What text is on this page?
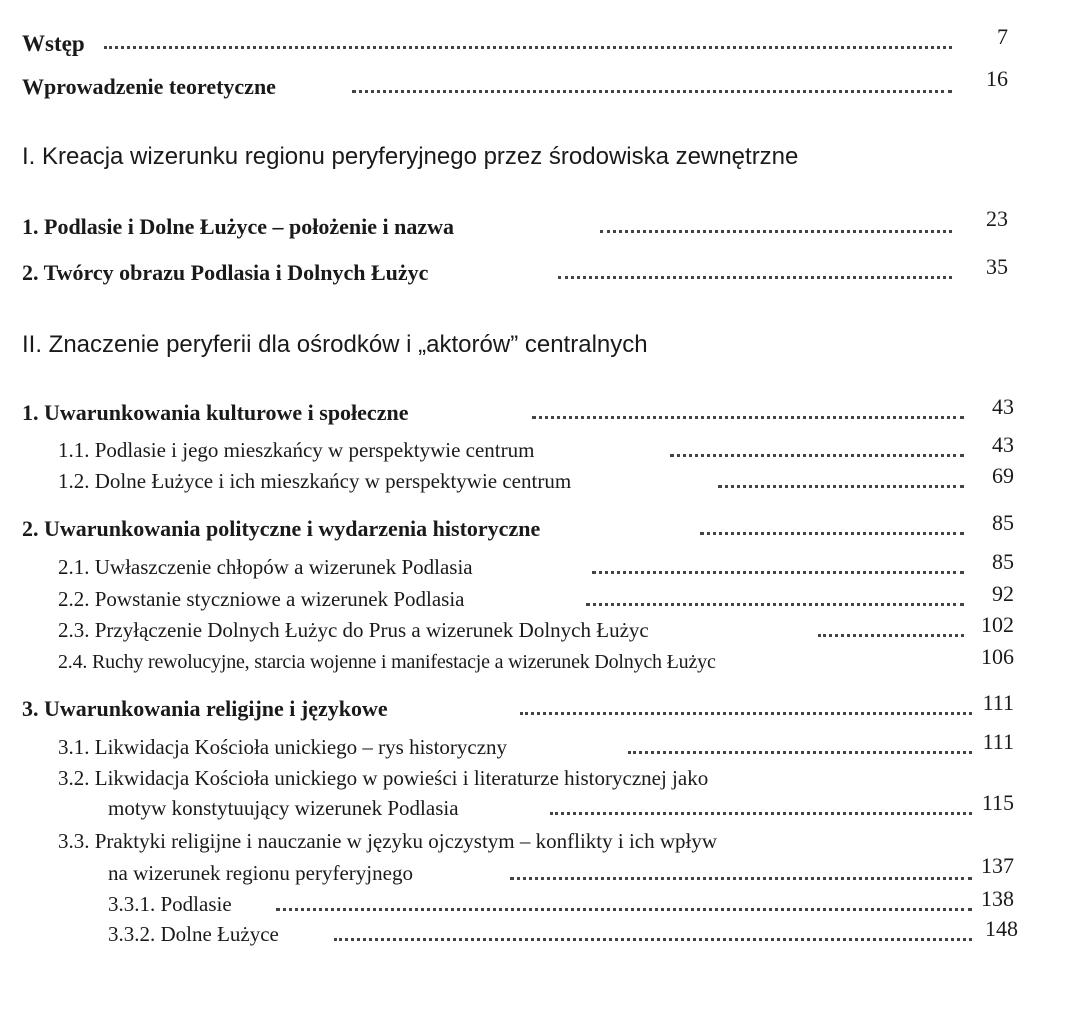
Wstęp	7
Wprowadzenie teoretyczne	16
I. Kreacja wizerunku regionu peryferyjnego przez środowiska zewnętrzne
1. Podlasie i Dolne Łużyce – położenie i nazwa	23
2. Twórcy obrazu Podlasia i Dolnych Łużyc	35
II. Znaczenie peryferii dla ośrodków i „aktorów” centralnych
1. Uwarunkowania kulturowe i społeczne	43
1.1. Podlasie i jego mieszkańcy w perspektywie centrum	43
1.2. Dolne Łużyce i ich mieszkańcy w perspektywie centrum	69
2. Uwarunkowania polityczne i wydarzenia historyczne	85
2.1. Uwłaszczenie chłopów a wizerunek Podlasia	85
2.2. Powstanie styczniowe a wizerunek Podlasia	92
2.3. Przyłączenie Dolnych Łużyc do Prus a wizerunek Dolnych Łużyc	102
2.4. Ruchy rewolucyjne, starcia wojenne i manifestacje a wizerunek Dolnych Łużyc	106
3. Uwarunkowania religijne i językowe	111
3.1. Likwidacja Kościoła unickiego – rys historyczny	111
3.2. Likwidacja Kościoła unickiego w powieści i literaturze historycznej jako
motyw konstytuujący wizerunek Podlasia	115
3.3. Praktyki religijne i nauczanie w języku ojczystym – konflikty i ich wpływ
na wizerunek regionu peryferyjnego	137
3.3.1. Podlasie	138
3.3.2. Dolne Łużyce	148
